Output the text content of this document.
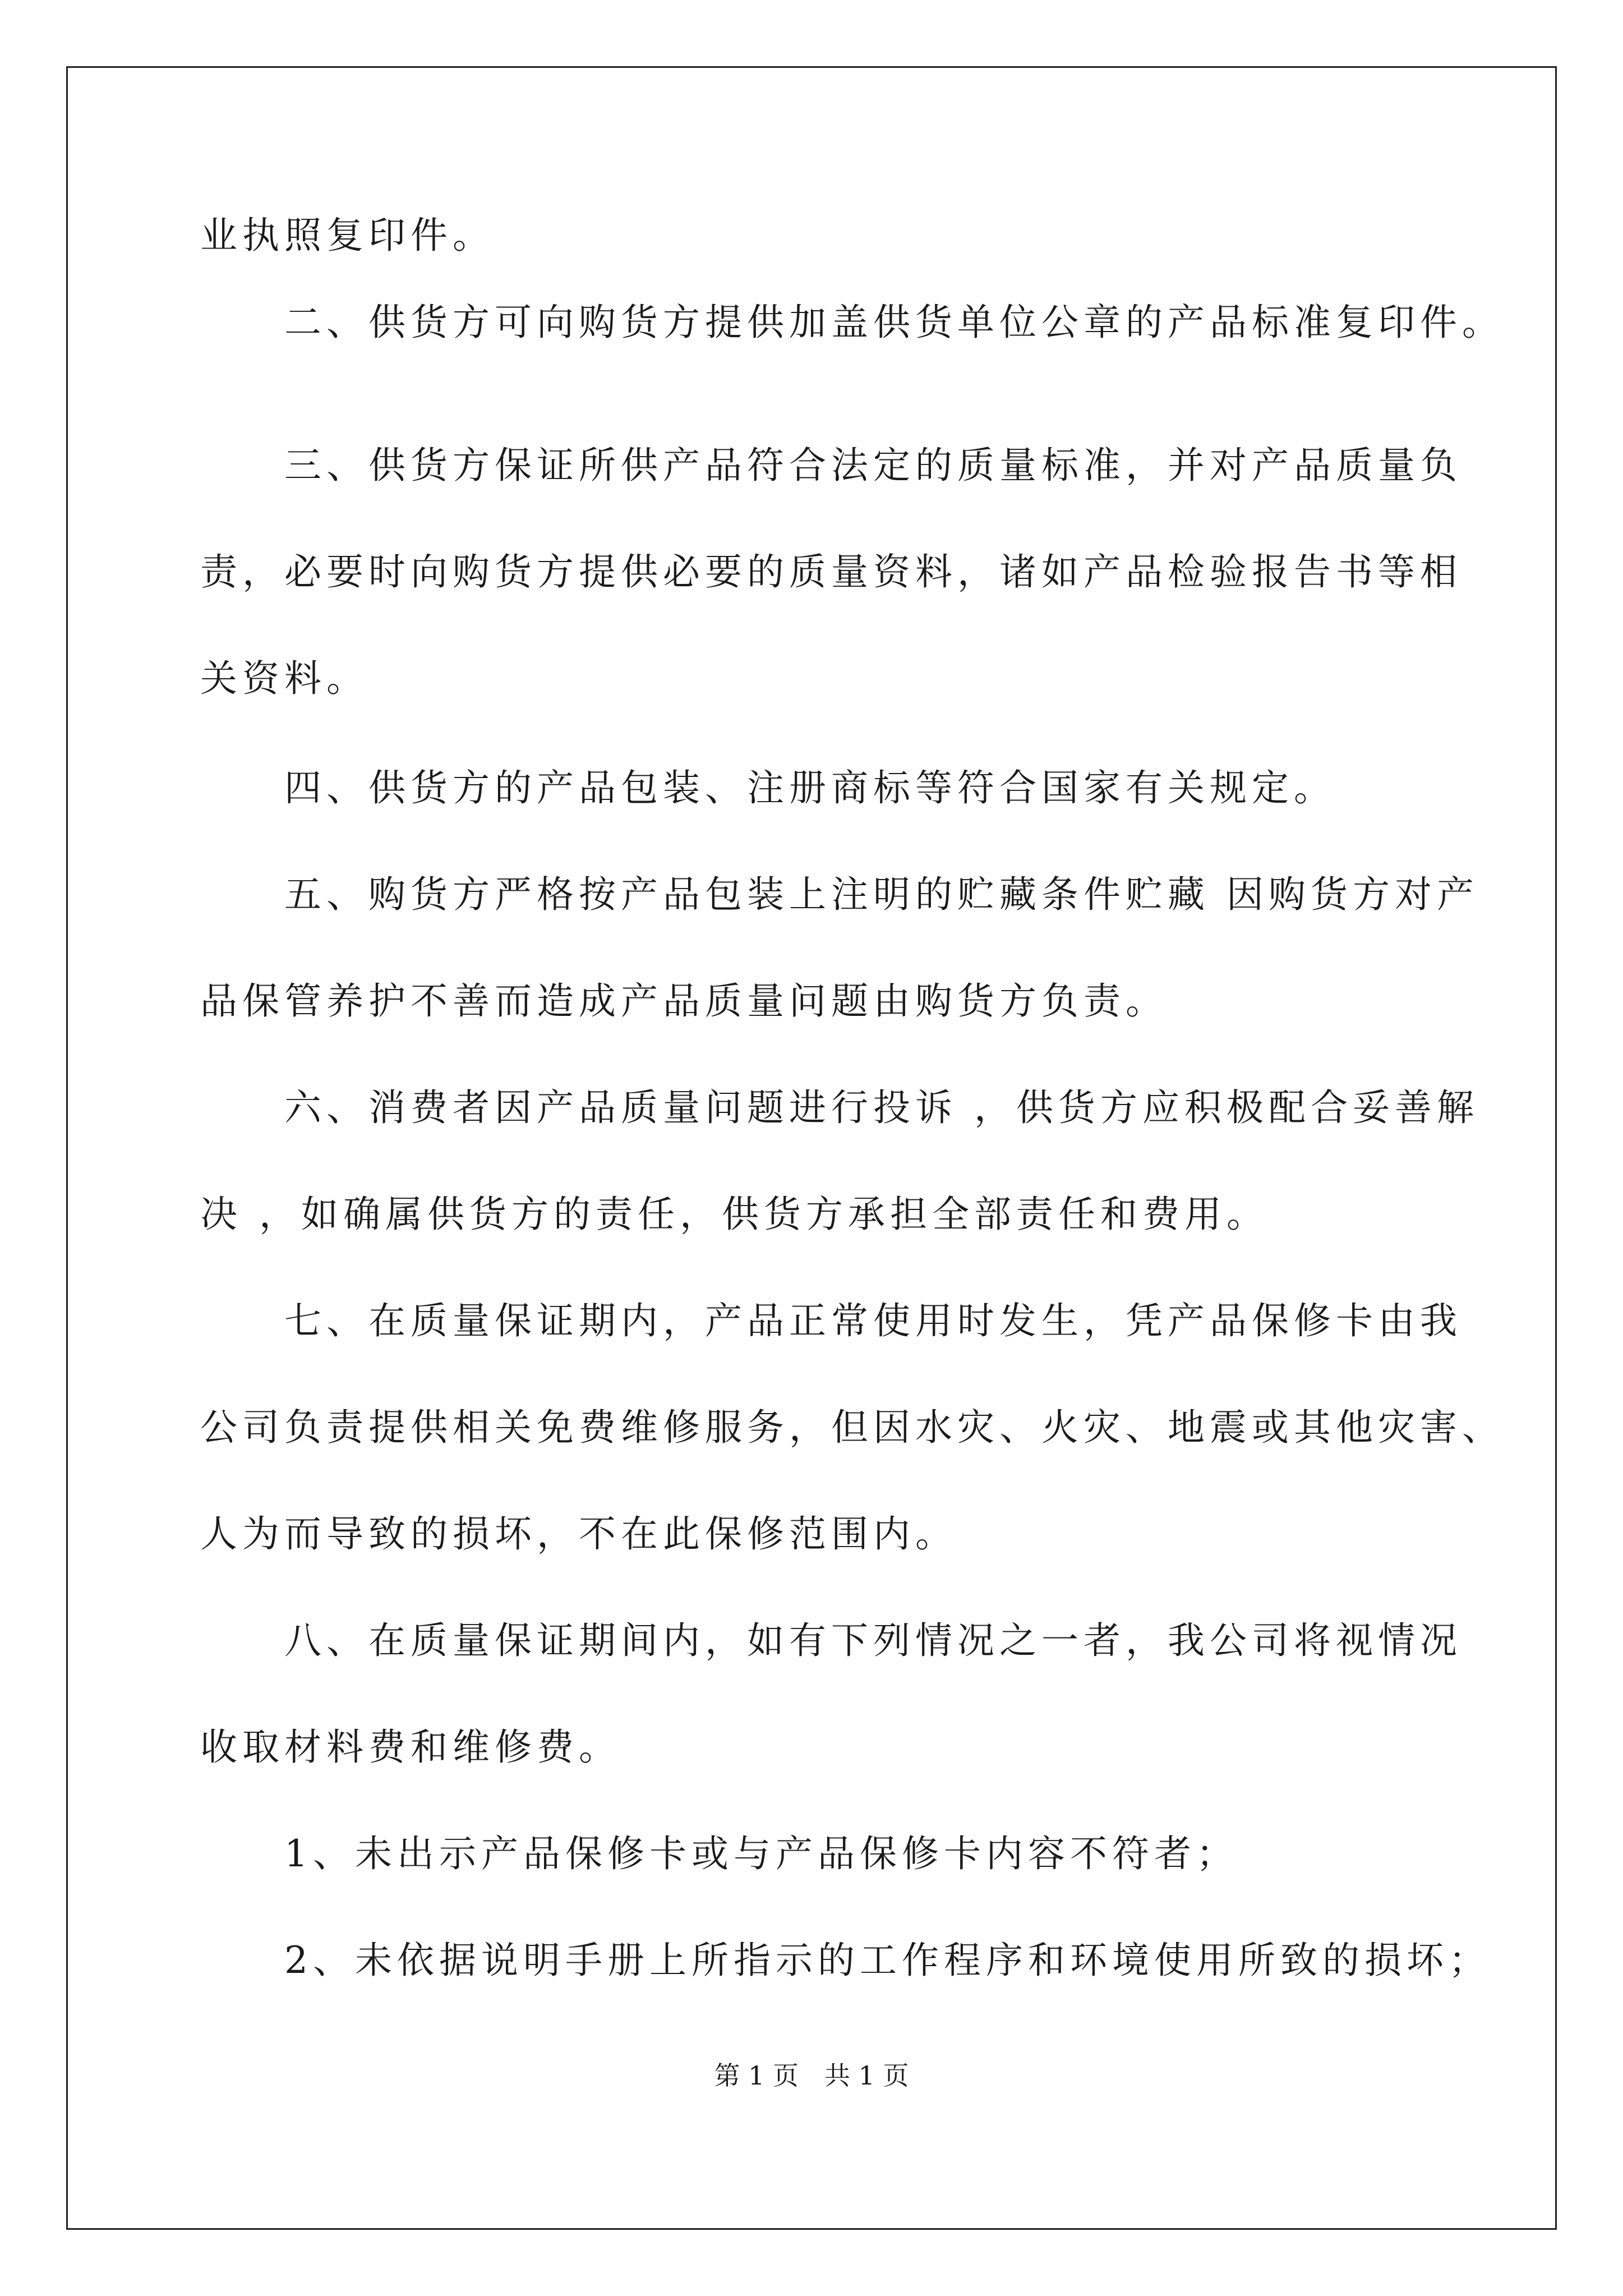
业执照复印件。

　　二、供货方可向购货方提供加盖供货单位公章的产品标准复印件。

　　三、供货方保证所供产品符合法定的质量标准，并对产品质量负

责，必要时向购货方提供必要的质量资料，诸如产品检验报告书等相

关资料。

　　四、供货方的产品包装、注册商标等符合国家有关规定。

　　五、购货方严格按产品包装上注明的贮藏条件贮藏 因购货方对产

品保管养护不善而造成产品质量问题由购货方负责。

　　六、消费者因产品质量问题进行投诉 ，供货方应积极配合妥善解

决 ，如确属供货方的责任，供货方承担全部责任和费用。

　　七、在质量保证期内，产品正常使用时发生，凭产品保修卡由我

公司负责提供相关免费维修服务，但因水灾、火灾、地震或其他灾害、

人为而导致的损坏，不在此保修范围内。

　　八、在质量保证期间内，如有下列情况之一者，我公司将视情况

收取材料费和维修费。

　　1、未出示产品保修卡或与产品保修卡内容不符者；

　　2、未依据说明手册上所指示的工作程序和环境使用所致的损坏；

第 1 页　共 1 页
